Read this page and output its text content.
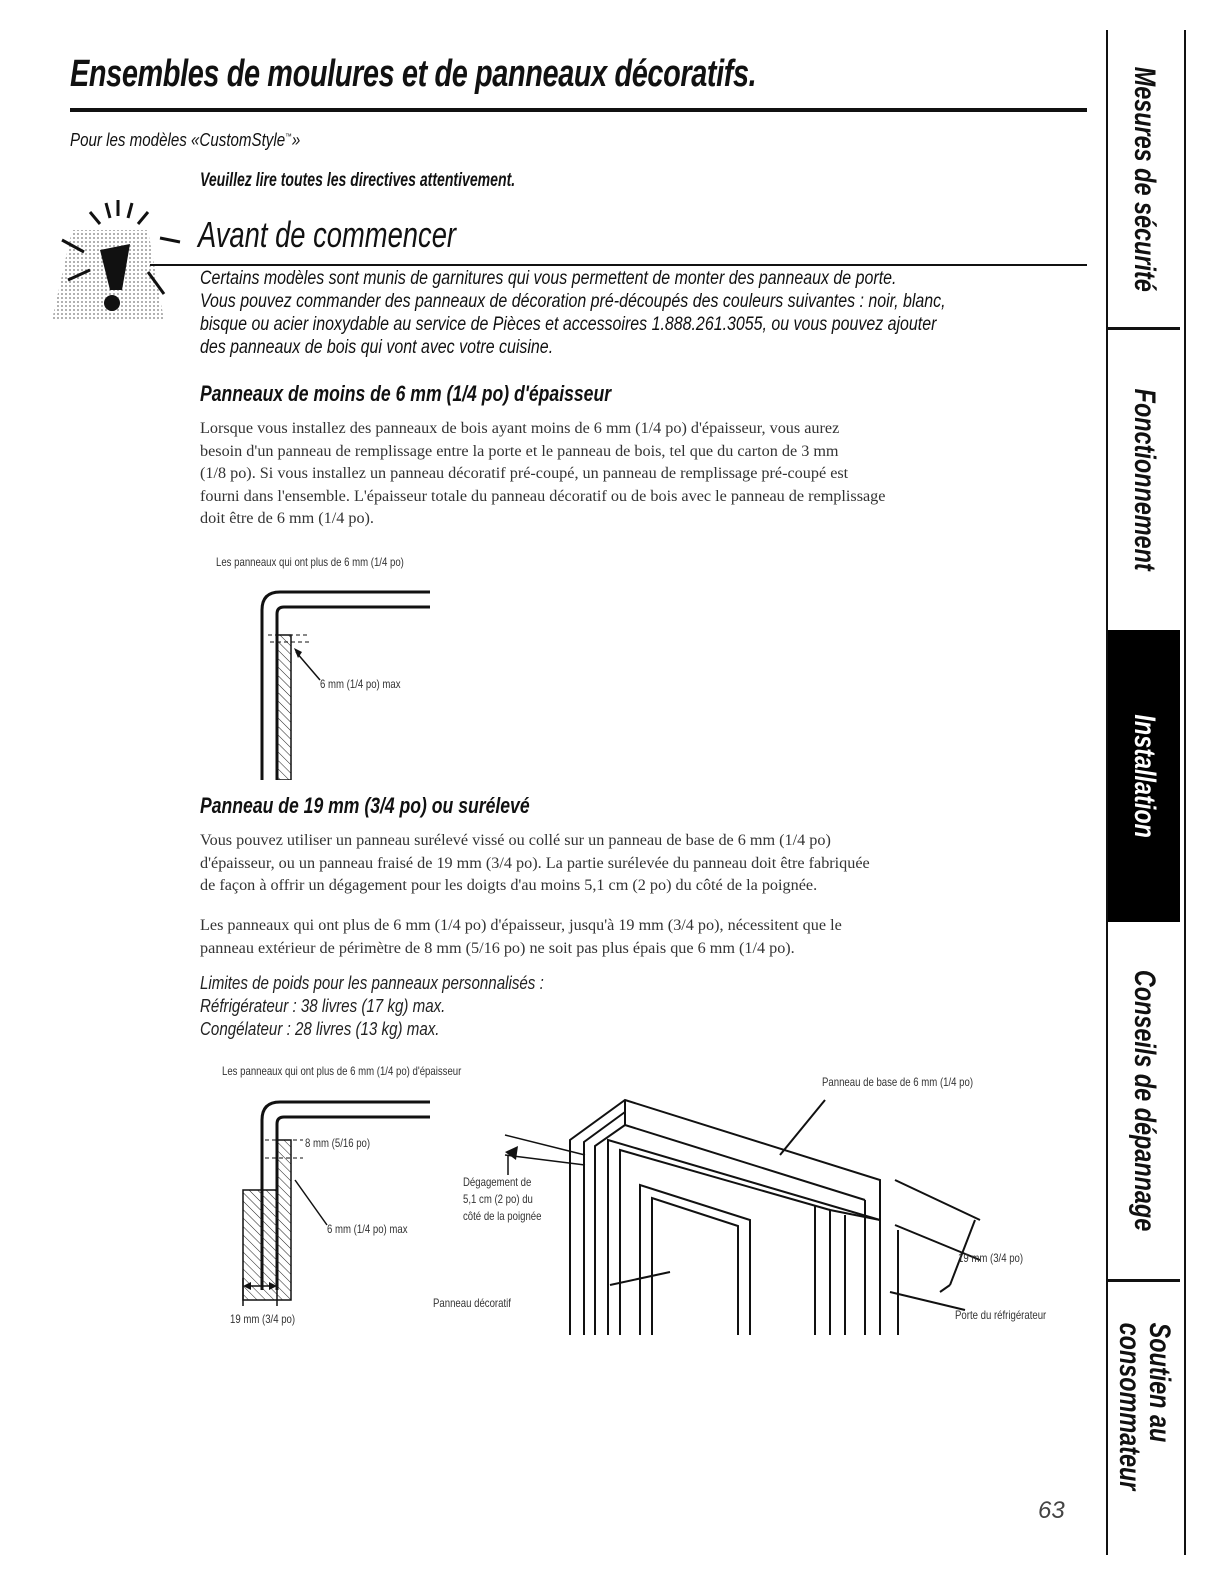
Ensembles de moulures et de panneaux décoratifs.
Pour les modèles «CustomStyle™»
Veuillez lire toutes les directives attentivement.
Avant de commencer
Certains modèles sont munis de garnitures qui vous permettent de monter des panneaux de porte.
Vous pouvez commander des panneaux de décoration pré-découpés des couleurs suivantes : noir, blanc,
bisque ou acier inoxydable au service de Pièces et accessoires 1.888.261.3055, ou vous pouvez ajouter
des panneaux de bois qui vont avec votre cuisine.
Panneaux de moins de 6 mm (1/4 po) d'épaisseur
Lorsque vous installez des panneaux de bois ayant moins de 6 mm (1/4 po) d'épaisseur, vous aurez
besoin d'un panneau de remplissage entre la porte et le panneau de bois, tel que du carton de 3 mm
(1/8 po). Si vous installez un panneau décoratif pré-coupé, un panneau de remplissage pré-coupé est
fourni dans l'ensemble. L'épaisseur totale du panneau décoratif ou de bois avec le panneau de remplissage
doit être de 6 mm (1/4 po).
Les panneaux qui ont plus de 6 mm (1/4 po)
6 mm (1/4 po) max
Panneau de 19 mm (3/4 po) ou surélevé
Vous pouvez utiliser un panneau surélevé vissé ou collé sur un panneau de base de 6 mm (1/4 po)
d'épaisseur, ou un panneau fraisé de 19 mm (3/4 po). La partie surélevée du panneau doit être fabriquée
de façon à offrir un dégagement pour les doigts d'au moins 5,1 cm (2 po) du côté de la poignée.
Les panneaux qui ont plus de 6 mm (1/4 po) d'épaisseur, jusqu'à 19 mm (3/4 po), nécessitent que le
panneau extérieur de périmètre de 8 mm (5/16 po) ne soit pas plus épais que 6 mm (1/4 po).
Limites de poids pour les panneaux personnalisés :
Réfrigérateur : 38 livres (17 kg) max.
Congélateur : 28 livres (13 kg) max.
Les panneaux qui ont plus de 6 mm (1/4 po) d'épaisseur
8 mm (5/16 po)
6 mm (1/4 po) max
19 mm (3/4 po)
Panneau de base de 6 mm (1/4 po)
Dégagement de
5,1 cm (2 po) du
côté de la poignée
Panneau décoratif
19 mm (3/4 po)
Porte du réfrigérateur
Mesures de sécurité
Fonctionnement
Installation
Conseils de dépannage
Soutien au
consommateur
63
